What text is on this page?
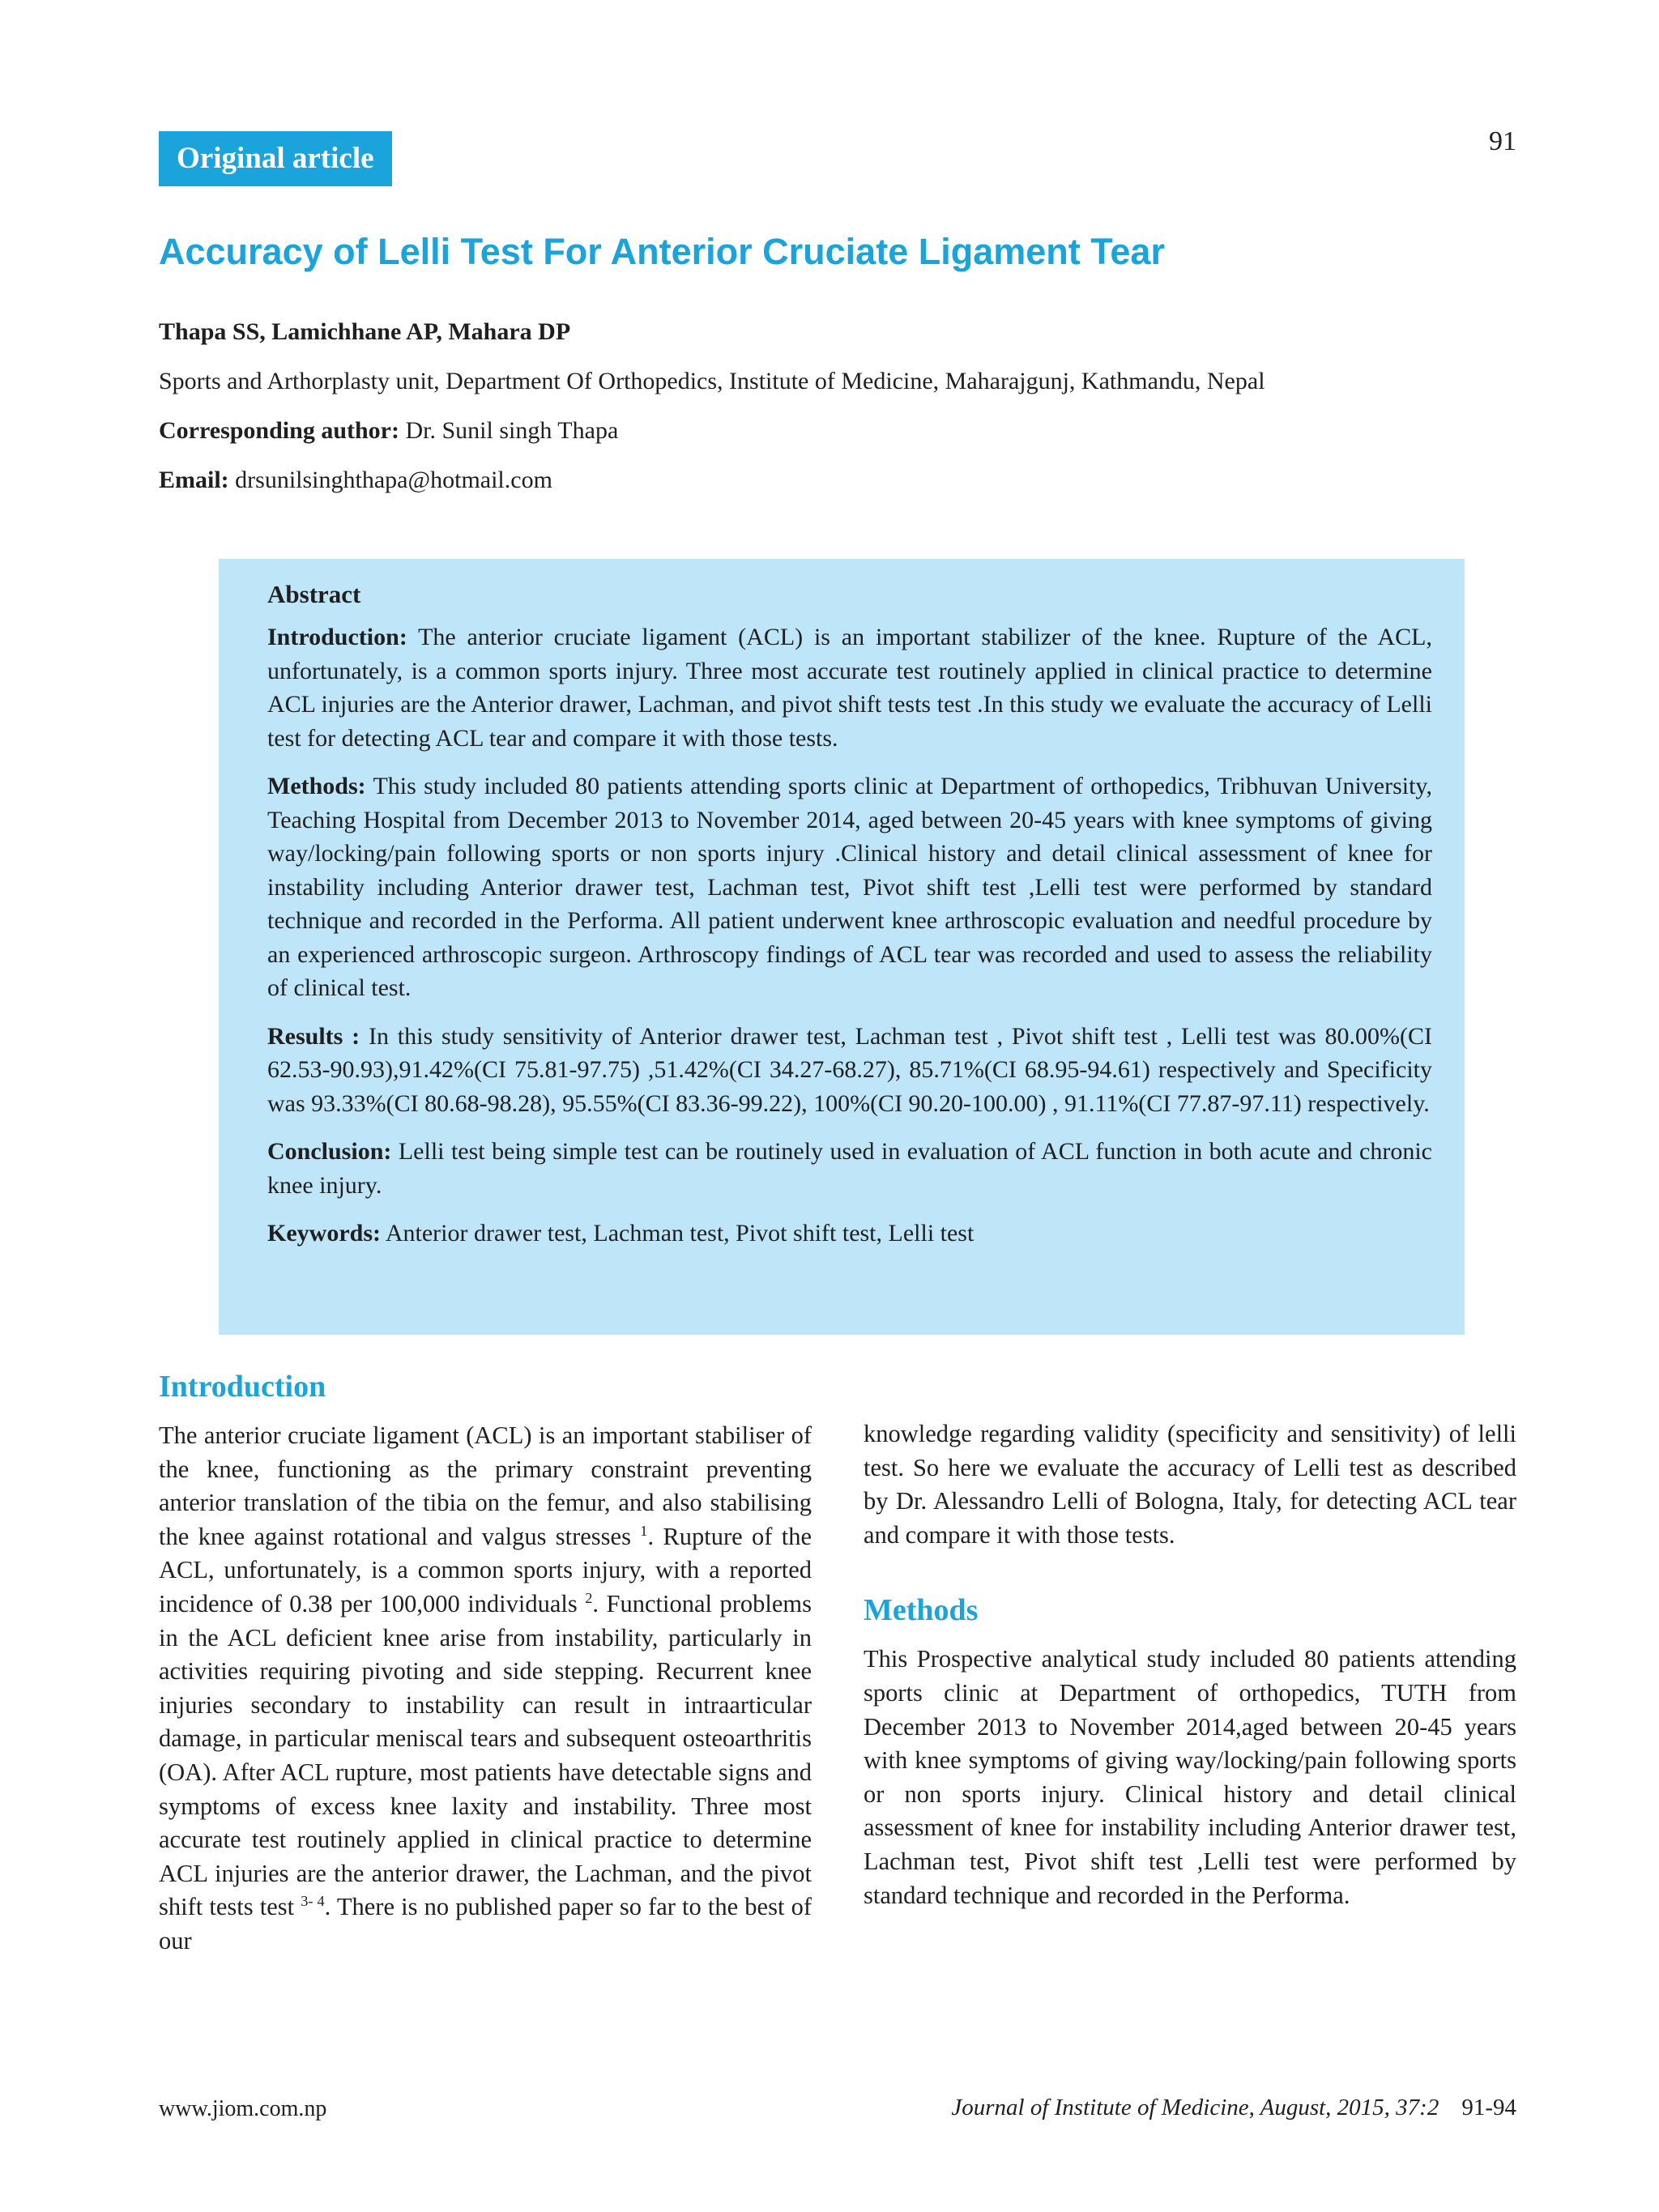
Original article
91
Accuracy of Lelli Test For Anterior Cruciate Ligament Tear
Thapa SS, Lamichhane AP, Mahara DP
Sports and Arthorplasty unit, Department Of Orthopedics, Institute of Medicine, Maharajgunj, Kathmandu, Nepal
Corresponding author: Dr. Sunil singh Thapa
Email: drsunilsinghthapa@hotmail.com
Abstract

Introduction: The anterior cruciate ligament (ACL) is an important stabilizer of the knee. Rupture of the ACL, unfortunately, is a common sports injury. Three most accurate test routinely applied in clinical practice to determine ACL injuries are the Anterior drawer, Lachman, and pivot shift tests test .In this study we evaluate the accuracy of Lelli test for detecting ACL tear and compare it with those tests.

Methods: This study included 80 patients attending sports clinic at Department of orthopedics, Tribhuvan University, Teaching Hospital from December 2013 to November 2014, aged between 20-45 years with knee symptoms of giving way/locking/pain following sports or non sports injury .Clinical history and detail clinical assessment of knee for instability including Anterior drawer test, Lachman test, Pivot shift test ,Lelli test were performed by standard technique and recorded in the Performa. All patient underwent knee arthroscopic evaluation and needful procedure by an experienced arthroscopic surgeon. Arthroscopy findings of ACL tear was recorded and used to assess the reliability of clinical test.

Results : In this study sensitivity of Anterior drawer test, Lachman test , Pivot shift test , Lelli test was 80.00%(CI 62.53-90.93),91.42%(CI 75.81-97.75) ,51.42%(CI 34.27-68.27), 85.71%(CI 68.95-94.61) respectively and Specificity was 93.33%(CI 80.68-98.28), 95.55%(CI 83.36-99.22), 100%(CI 90.20-100.00) , 91.11%(CI 77.87-97.11) respectively.

Conclusion: Lelli test being simple test can be routinely used in evaluation of ACL function in both acute and chronic knee injury.

Keywords: Anterior drawer test, Lachman test, Pivot shift test, Lelli test

Introduction

The anterior cruciate ligament (ACL) is an important stabiliser of the knee, functioning as the primary constraint preventing anterior translation of the tibia on the femur, and also stabilising the knee against rotational and valgus stresses $^1$. Rupture of the ACL, unfortunately, is a common sports injury, with a reported incidence of 0.38 per 100,000 individuals $^2$. Functional problems in the ACL deficient knee arise from instability, particularly in activities requiring pivoting and side stepping. Recurrent knee injuries secondary to instability can result in intraarticular damage, in particular meniscal tears and subsequent osteoarthritis (OA). After ACL rupture, most patients have detectable signs and symptoms of excess knee laxity and instability. Three most accurate test routinely applied in clinical practice to determine ACL injuries are the anterior drawer, the Lachman, and the pivot shift tests test $^{3- 4}$. There is no published paper so far to the best of our

knowledge regarding validity (specificity and sensitivity) of lelli test. So here we evaluate the accuracy of Lelli test as described by Dr. Alessandro Lelli of Bologna, Italy, for detecting ACL tear and compare it with those tests.

Methods

This Prospective analytical study included 80 patients attending sports clinic at Department of orthopedics, TUTH from December 2013 to November 2014,aged between 20-45 years with knee symptoms of giving way/locking/pain following sports or non sports injury. Clinical history and detail clinical assessment of knee for instability including Anterior drawer test, Lachman test, Pivot shift test ,Lelli test were performed by standard technique and recorded in the Performa.

www.jiom.com.np	Journal of Institute of Medicine, August, 2015, 37:2 91-94
